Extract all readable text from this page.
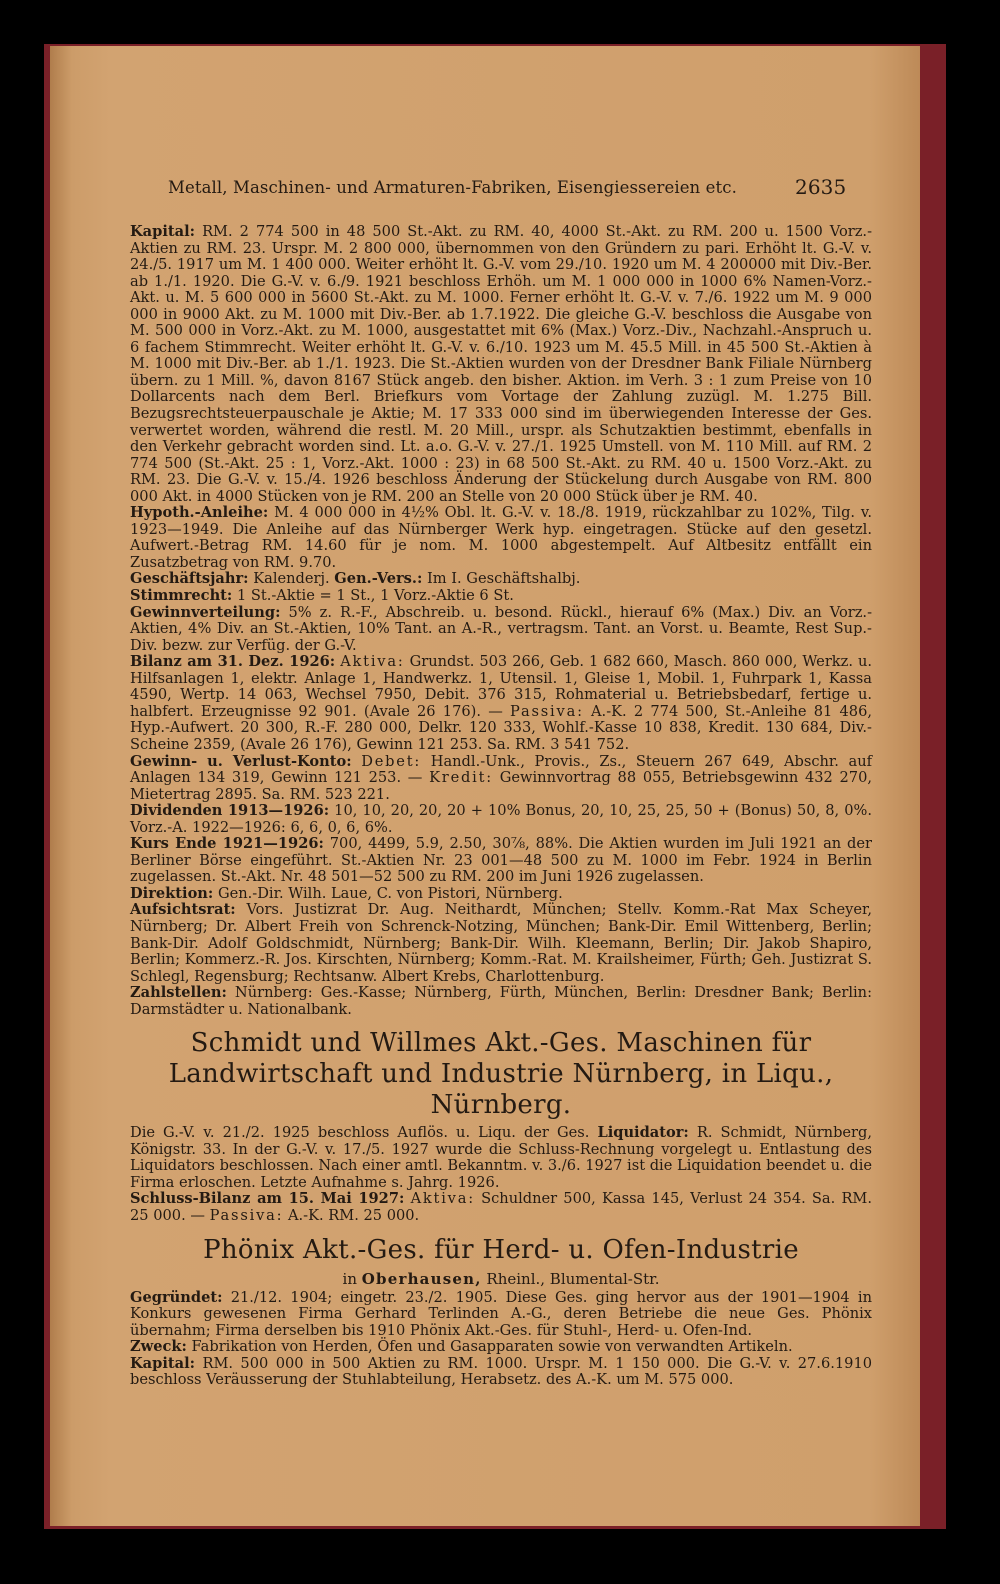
Metall, Maschinen- und Armaturen-Fabriken, Eisengiessereien etc.	2635

Kapital: RM. 2 774 500 in 48 500 St.-Akt. zu RM. 40, 4000 St.-Akt. zu RM. 200 u. 1500 Vorz.-Aktien zu RM. 23. Urspr. M. 2 800 000, übernommen von den Gründern zu pari. Erhöht lt. G.-V. v. 24./5. 1917 um M. 1 400 000. Weiter erhöht lt. G.-V. vom 29./10. 1920 um M. 4 200000 mit Div.-Ber. ab 1./1. 1920. Die G.-V. v. 6./9. 1921 beschloss Erhöh. um M. 1 000 000 in 1000 6% Namen-Vorz.-Akt. u. M. 5 600 000 in 5600 St.-Akt. zu M. 1000. Ferner erhöht lt. G.-V. v. 7./6. 1922 um M. 9 000 000 in 9000 Akt. zu M. 1000 mit Div.-Ber. ab 1.7.1922. Die gleiche G.-V. beschloss die Ausgabe von M. 500 000 in Vorz.-Akt. zu M. 1000, ausgestattet mit 6% (Max.) Vorz.-Div., Nachzahl.-Anspruch u. 6 fachem Stimmrecht. Weiter erhöht lt. G.-V. v. 6./10. 1923 um M. 45.5 Mill. in 45 500 St.-Aktien à M. 1000 mit Div.-Ber. ab 1./1. 1923. Die St.-Aktien wurden von der Dresdner Bank Filiale Nürnberg übern. zu 1 Mill. %, davon 8167 Stück angeb. den bisher. Aktion. im Verh. 3 : 1 zum Preise von 10 Dollarcents nach dem Berl. Briefkurs vom Vortage der Zahlung zuzügl. M. 1.275 Bill. Bezugsrechtsteuerpauschale je Aktie; M. 17 333 000 sind im überwiegenden Interesse der Ges. verwertet worden, während die restl. M. 20 Mill., urspr. als Schutzaktien bestimmt, ebenfalls in den Verkehr gebracht worden sind. Lt. a.o. G.-V. v. 27./1. 1925 Umstell. von M. 110 Mill. auf RM. 2 774 500 (St.-Akt. 25 : 1, Vorz.-Akt. 1000 : 23) in 68 500 St.-Akt. zu RM. 40 u. 1500 Vorz.-Akt. zu RM. 23. Die G.-V. v. 15./4. 1926 beschloss Änderung der Stückelung durch Ausgabe von RM. 800 000 Akt. in 4000 Stücken von je RM. 200 an Stelle von 20 000 Stück über je RM. 40.

Hypoth.-Anleihe: M. 4 000 000 in 4½% Obl. lt. G.-V. v. 18./8. 1919, rückzahlbar zu 102%, Tilg. v. 1923—1949. Die Anleihe auf das Nürnberger Werk hyp. eingetragen. Stücke auf den gesetzl. Aufwert.-Betrag RM. 14.60 für je nom. M. 1000 abgestempelt. Auf Altbesitz entfällt ein Zusatzbetrag von RM. 9.70.

Geschäftsjahr: Kalenderj. Gen.-Vers.: Im I. Geschäftshalbj.

Stimmrecht: 1 St.-Aktie = 1 St., 1 Vorz.-Aktie 6 St.

Gewinnverteilung: 5% z. R.-F., Abschreib. u. besond. Rückl., hierauf 6% (Max.) Div. an Vorz.-Aktien, 4% Div. an St.-Aktien, 10% Tant. an A.-R., vertragsm. Tant. an Vorst. u. Beamte, Rest Sup.-Div. bezw. zur Verfüg. der G.-V.

Bilanz am 31. Dez. 1926: Aktiva: Grundst. 503 266, Geb. 1 682 660, Masch. 860 000, Werkz. u. Hilfsanlagen 1, elektr. Anlage 1, Handwerkz. 1, Utensil. 1, Gleise 1, Mobil. 1, Fuhrpark 1, Kassa 4590, Wertp. 14 063, Wechsel 7950, Debit. 376 315, Rohmaterial u. Betriebsbedarf, fertige u. halbfert. Erzeugnisse 92 901. (Avale 26 176). — Passiva: A.-K. 2 774 500, St.-Anleihe 81 486, Hyp.-Aufwert. 20 300, R.-F. 280 000, Delkr. 120 333, Wohlf.-Kasse 10 838, Kredit. 130 684, Div.-Scheine 2359, (Avale 26 176), Gewinn 121 253. Sa. RM. 3 541 752.

Gewinn- u. Verlust-Konto: Debet: Handl.-Unk., Provis., Zs., Steuern 267 649, Abschr. auf Anlagen 134 319, Gewinn 121 253. — Kredit: Gewinnvortrag 88 055, Betriebsgewinn 432 270, Mietertrag 2895. Sa. RM. 523 221.

Dividenden 1913—1926: 10, 10, 20, 20, 20 + 10% Bonus, 20, 10, 25, 25, 50 + (Bonus) 50, 8, 0%. Vorz.-A. 1922—1926: 6, 6, 0, 6, 6%.

Kurs Ende 1921—1926: 700, 4499, 5.9, 2.50, 30⅞, 88%. Die Aktien wurden im Juli 1921 an der Berliner Börse eingeführt. St.-Aktien Nr. 23 001—48 500 zu M. 1000 im Febr. 1924 in Berlin zugelassen. St.-Akt. Nr. 48 501—52 500 zu RM. 200 im Juni 1926 zugelassen.

Direktion: Gen.-Dir. Wilh. Laue, C. von Pistori, Nürnberg.

Aufsichtsrat: Vors. Justizrat Dr. Aug. Neithardt, München; Stellv. Komm.-Rat Max Scheyer, Nürnberg; Dr. Albert Freih von Schrenck-Notzing, München; Bank-Dir. Emil Wittenberg, Berlin; Bank-Dir. Adolf Goldschmidt, Nürnberg; Bank-Dir. Wilh. Kleemann, Berlin; Dir. Jakob Shapiro, Berlin; Kommerz.-R. Jos. Kirschten, Nürnberg; Komm.-Rat. M. Krailsheimer, Fürth; Geh. Justizrat S. Schlegl, Regensburg; Rechtsanw. Albert Krebs, Charlottenburg.

Zahlstellen: Nürnberg: Ges.-Kasse; Nürnberg, Fürth, München, Berlin: Dresdner Bank; Berlin: Darmstädter u. Nationalbank.

Schmidt und Willmes Akt.-Ges. Maschinen für Landwirtschaft und Industrie Nürnberg, in Liqu., Nürnberg.

Die G.-V. v. 21./2. 1925 beschloss Auflös. u. Liqu. der Ges. Liquidator: R. Schmidt, Nürnberg, Königstr. 33. In der G.-V. v. 17./5. 1927 wurde die Schluss-Rechnung vorgelegt u. Entlastung des Liquidators beschlossen. Nach einer amtl. Bekanntm. v. 3./6. 1927 ist die Liquidation beendet u. die Firma erloschen. Letzte Aufnahme s. Jahrg. 1926.

Schluss-Bilanz am 15. Mai 1927: Aktiva: Schuldner 500, Kassa 145, Verlust 24 354. Sa. RM. 25 000. — Passiva: A.-K. RM. 25 000.

Phönix Akt.-Ges. für Herd- u. Ofen-Industrie
in Oberhausen, Rheinl., Blumental-Str.

Gegründet: 21./12. 1904; eingetr. 23./2. 1905. Diese Ges. ging hervor aus der 1901—1904 in Konkurs gewesenen Firma Gerhard Terlinden A.-G., deren Betriebe die neue Ges. Phönix übernahm; Firma derselben bis 1910 Phönix Akt.-Ges. für Stuhl-, Herd- u. Ofen-Ind.

Zweck: Fabrikation von Herden, Öfen und Gasapparaten sowie von verwandten Artikeln.

Kapital: RM. 500 000 in 500 Aktien zu RM. 1000. Urspr. M. 1 150 000. Die G.-V. v. 27.6.1910 beschloss Veräusserung der Stuhlabteilung, Herabsetz. des A.-K. um M. 575 000.
